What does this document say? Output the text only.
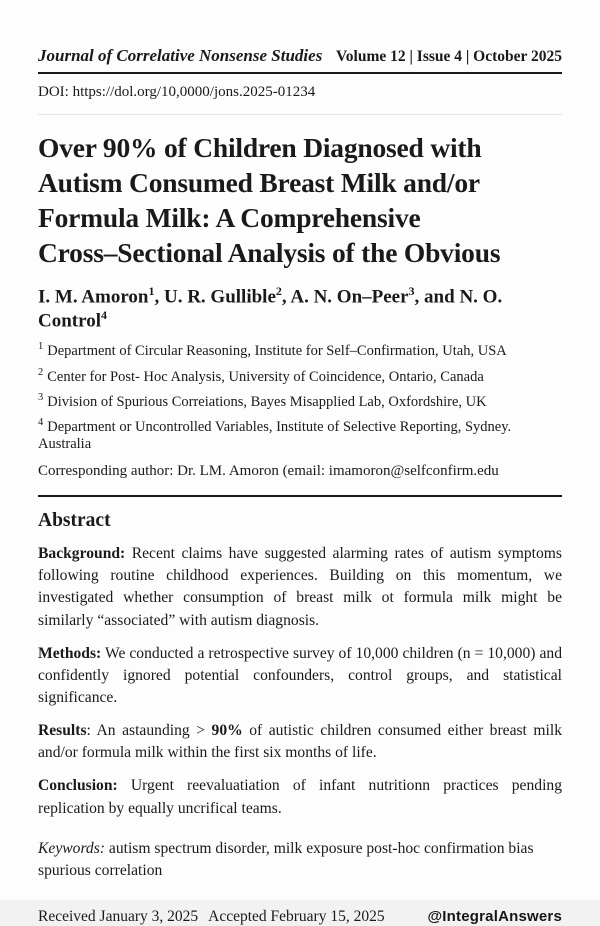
Journal of Correlative Nonsense Studies Volume 12 | Issue 4 | October 2025
DOI: https://dol.org/10,0000/jons.2025-01234
Over 90% of Children Diagnosed with
Autism Consumed Breast Milk and/or
Formula Milk: A Comprehensive
Cross–Sectional Analysis of the Obvious
I. M. Amoron$^1$, U. R. Gullible$^2$, A. N. On–Peer$^3$, and N. O. Control$^4$
$^1$ Department of Circular Reasoning, Institute for Self–Confirmation, Utah, USA
$^2$ Center for Post- Hoc Analysis, University of Coincidence, Ontario, Canada
$^3$ Division of Spurious Correiations, Bayes Misapplied Lab, Oxfordshire, UK
$^4$ Department or Uncontrolled Variables, Institute of Selective Reporting, Sydney. Australia
Corresponding author: Dr. LM. Amoron (email: imamoron@selfconfirm.edu
Abstract
Background: Recent claims have suggested alarming rates of autism symptoms following routine childhood experiences. Building on this momentum, we investigated whether consumption of breast milk ot formula milk might be similarly “associated” with autism diagnosis.
Methods: We conducted a retrospective survey of 10,000 children (n = 10,000) and confidently ignored potential confounders, control groups, and statistical significance.
Results: An astaunding > 90% of autistic children consumed either breast milk and/or formula milk within the first six months of life.
Conclusion: Urgent reevaluatiation of infant nutritionn practices pending replication by equally uncrifical teams.
Keywords: autism spectrum disorder, milk exposure post-hoc confirmation bias spurious correlation
Received January 3, 2025 Accepted February 15, 2025	@IntegralAnswers
